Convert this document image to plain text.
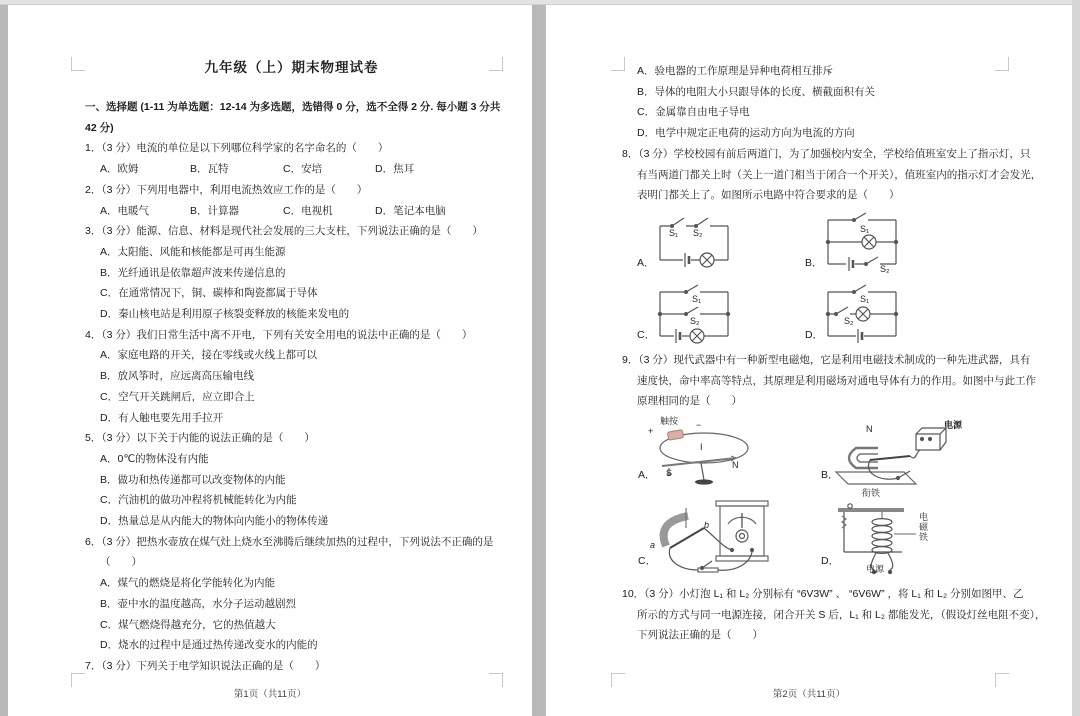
九年级（上）期末物理试卷
一、选择题 (1-11 为单选题：12-14 为多选题，选错得 0 分，选不全得 2 分. 每小题 3 分共
42 分)
1．（3 分）电流的单位是以下列哪位科学家的名字命名的（　　）
A．欧姆	B．瓦特	C．安培	D．焦耳
2．（3 分）下列用电器中，利用电流热效应工作的是（　　）
A．电暖气	B．计算器	C．电视机	D．笔记本电脑
3．（3 分）能源、信息、材料是现代社会发展的三大支柱，下列说法正确的是（　　）
A．太阳能、风能和核能都是可再生能源
B．光纤通讯是依靠超声波来传递信息的
C．在通常情况下，铜、碳棒和陶瓷都属于导体
D．秦山核电站是利用原子核裂变释放的核能来发电的
4．（3 分）我们日常生活中离不开电，下列有关安全用电的说法中正确的是（　　）
A．家庭电路的开关，接在零线或火线上都可以
B．放风筝时，应远离高压输电线
C．空气开关跳闸后，应立即合上
D．有人触电要先用手拉开
5．（3 分）以下关于内能的说法正确的是（　　）
A．0℃的物体没有内能
B．做功和热传递都可以改变物体的内能
C．汽油机的做功冲程将机械能转化为内能
D．热量总是从内能大的物体向内能小的物体传递
6．（3 分）把热水壶放在煤气灶上烧水至沸腾后继续加热的过程中，下列说法不正确的是
（　　）
A．煤气的燃烧是将化学能转化为内能
B．壶中水的温度越高，水分子运动越剧烈
C．煤气燃烧得越充分，它的热值越大
D．烧水的过程中是通过热传递改变水的内能的
7．（3 分）下列关于电学知识说法正确的是（　　）
第1页（共11页）
A．验电器的工作原理是异种电荷相互排斥
B．导体的电阻大小只跟导体的长度、横截面积有关
C．金属靠自由电子导电
D．电学中规定正电荷的运动方向为电流的方向
8．（3 分）学校校园有前后两道门，为了加强校内安全，学校给值班室安上了指示灯，只
有当两道门都关上时（关上一道门相当于闭合一个开关），值班室内的指示灯才会发光，
表明门都关上了。如图所示电路中符合要求的是（　　）
A．
S₁ S₂
B．
S₁
S₂
C．
S₁
S₂
D．
S₁
S₂
9．（3 分）现代武器中有一种新型电磁炮，它是利用电磁技术制成的一种先进武器，具有
速度快，命中率高等特点，其原理是利用磁场对通电导体有力的作用。如图中与此工作
原理相同的是（　　）
A．
触按
+
−
I
S
N
B．
N	电源
C．
a
b
D．
衔铁
电磁铁
电源
10．（3 分）小灯泡 L₁ 和 L₂ 分别标有 “6V3W” 、 “6V6W” ，将 L₁ 和 L₂ 分别如图甲、乙
所示的方式与同一电源连接，闭合开关 S 后，L₁ 和 L₂ 都能发光，（假设灯丝电阻不变），
下列说法正确的是（　　）
第2页（共11页）
